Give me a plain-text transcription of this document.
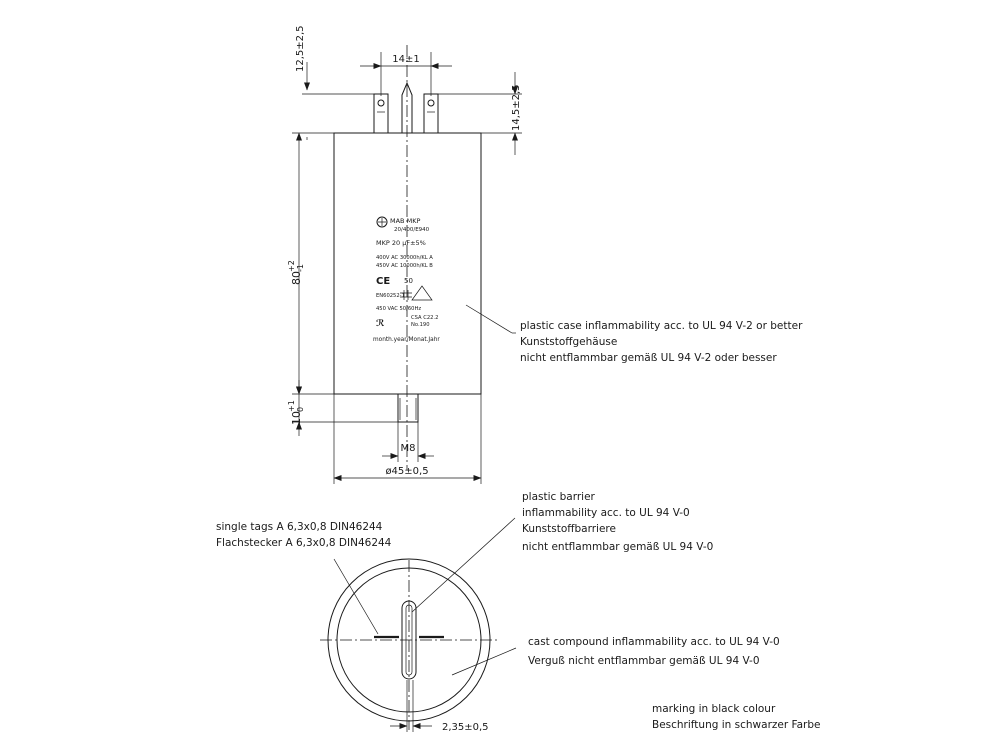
MAB MKP
20/400/E940
MKP 20 µF±5%
400V AC 30000h/KL A
450V AC 10000h/KL B
CE 50
EN60252-1
450 VAC 50/60Hz
ℛ
CSA C22.2
No.190
month.year/Monat.Jahr
12,5±2,5	14±1
14,5±2,5
80
+2 -1
10
+1 0
M8
ø45±0,5
2,35±0,5
plastic case inflammability acc. to UL 94 V-2 or better
Kunststoffgehäuse
nicht entflammbar gemäß UL 94 V-2 oder besser
plastic barrier
inflammability acc. to UL 94 V-0
Kunststoffbarriere
nicht entflammbar gemäß UL 94 V-0
single tags A 6,3x0,8 DIN46244
Flachstecker A 6,3x0,8 DIN46244
cast compound inflammability acc. to UL 94 V-0
Verguß nicht entflammbar gemäß UL 94 V-0
marking in black colour
Beschriftung in schwarzer Farbe
